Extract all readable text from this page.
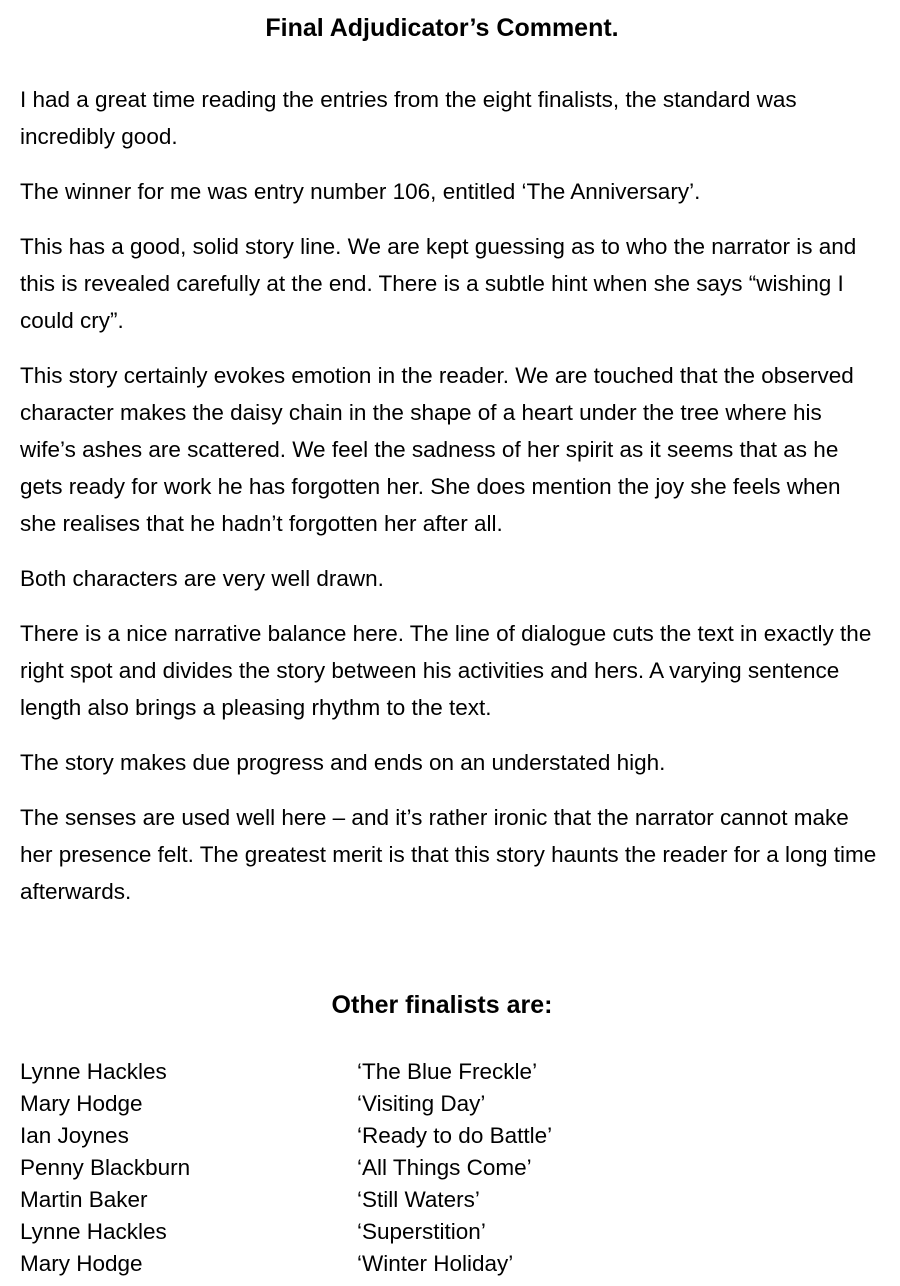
Final Adjudicator’s Comment.

I had a great time reading the entries from the eight finalists, the standard was incredibly good.

The winner for me was entry number 106, entitled ‘The Anniversary’.

This has a good, solid story line. We are kept guessing as to who the narrator is and this is revealed carefully at the end. There is a subtle hint when she says “wishing I could cry”.

This story certainly evokes emotion in the reader. We are touched that the observed character makes the daisy chain in the shape of a heart under the tree where his wife’s ashes are scattered. We feel the sadness of her spirit as it seems that as he gets ready for work he has forgotten her. She does mention the joy she feels when she realises that he hadn’t forgotten her after all.

Both characters are very well drawn.

There is a nice narrative balance here. The line of dialogue cuts the text in exactly the right spot and divides the story between his activities and hers. A varying sentence length also brings a pleasing rhythm to the text.

The story makes due progress and ends on an understated high.

The senses are used well here – and it’s rather ironic that the narrator cannot make her presence felt. The greatest merit is that this story haunts the reader for a long time afterwards.

Other finalists are:
Lynne Hackles	‘The Blue Freckle’
Mary Hodge	‘Visiting Day’
Ian Joynes	‘Ready to do Battle’
Penny Blackburn	‘All Things Come’
Martin Baker	‘Still Waters’
Lynne Hackles	‘Superstition’
Mary Hodge	‘Winter Holiday’
